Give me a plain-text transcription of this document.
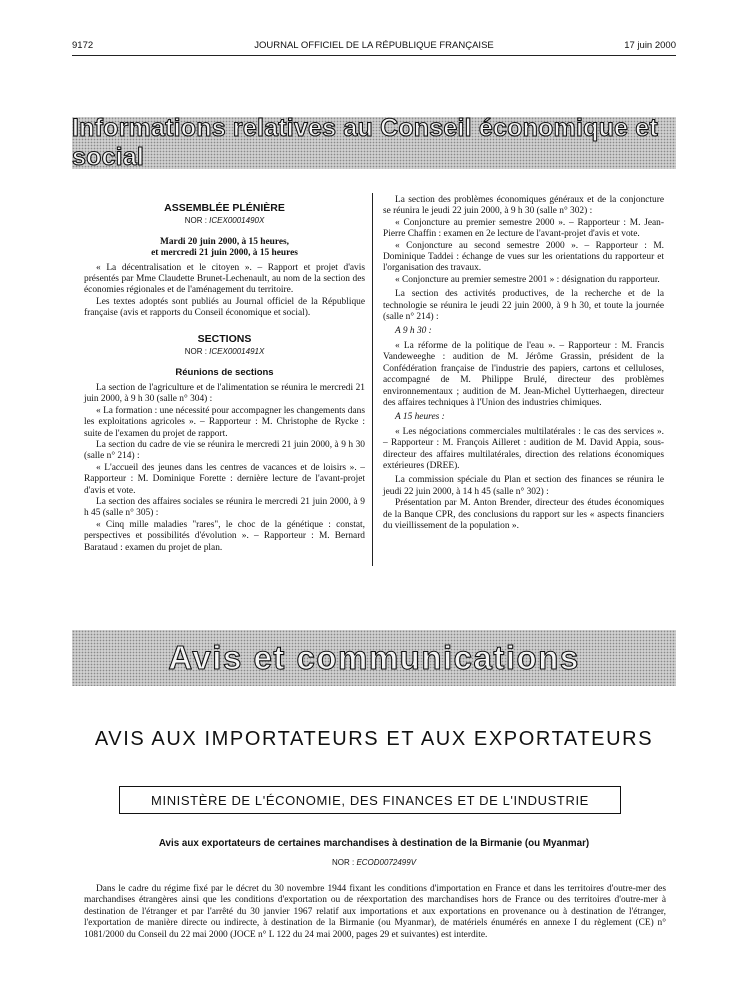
9172	JOURNAL OFFICIEL DE LA RÉPUBLIQUE FRANÇAISE	17 juin 2000
Informations relatives au Conseil économique et social
ASSEMBLÉE PLÉNIÈRE
NOR : ICEX0001490X

Mardi 20 juin 2000, à 15 heures,

et mercredi 21 juin 2000, à 15 heures

« La décentralisation et le citoyen ». – Rapport et projet d'avis présentés par Mme Claudette Brunet-Lechenault, au nom de la section des économies régionales et de l'aménagement du territoire.

Les textes adoptés sont publiés au Journal officiel de la République française (avis et rapports du Conseil économique et social).

SECTIONS
NOR : ICEX0001491X
Réunions de sections

La section de l'agriculture et de l'alimentation se réunira le mercredi 21 juin 2000, à 9 h 30 (salle n° 304) :

« La formation : une nécessité pour accompagner les changements dans les exploitations agricoles ». – Rapporteur : M. Christophe de Rycke : suite de l'examen du projet de rapport.

La section du cadre de vie se réunira le mercredi 21 juin 2000, à 9 h 30 (salle n° 214) :

« L'accueil des jeunes dans les centres de vacances et de loisirs ». – Rapporteur : M. Dominique Forette : dernière lecture de l'avant-projet d'avis et vote.

La section des affaires sociales se réunira le mercredi 21 juin 2000, à 9 h 45 (salle n° 305) :

« Cinq mille maladies "rares", le choc de la génétique : constat, perspectives et possibilités d'évolution ». – Rapporteur : M. Bernard Barataud : examen du projet de plan.

La section des problèmes économiques généraux et de la conjoncture se réunira le jeudi 22 juin 2000, à 9 h 30 (salle n° 302) :

« Conjoncture au premier semestre 2000 ». – Rapporteur : M. Jean-Pierre Chaffin : examen en 2e lecture de l'avant-projet d'avis et vote.

« Conjoncture au second semestre 2000 ». – Rapporteur : M. Dominique Taddei : échange de vues sur les orientations du rapporteur et l'organisation des travaux.

« Conjoncture au premier semestre 2001 » : désignation du rapporteur.

La section des activités productives, de la recherche et de la technologie se réunira le jeudi 22 juin 2000, à 9 h 30, et toute la journée (salle n° 214) :

A 9 h 30 :

« La réforme de la politique de l'eau ». – Rapporteur : M. Francis Vandeweeghe : audition de M. Jérôme Grassin, président de la Confédération française de l'industrie des papiers, cartons et celluloses, accompagné de M. Philippe Brulé, directeur des problèmes environnementaux ; audition de M. Jean-Michel Uytterhaegen, directeur des affaires techniques à l'Union des industries chimiques.

A 15 heures :

« Les négociations commerciales multilatérales : le cas des services ». – Rapporteur : M. François Ailleret : audition de M. David Appia, sous-directeur des affaires multilatérales, direction des relations économiques extérieures (DREE).

La commission spéciale du Plan et section des finances se réunira le jeudi 22 juin 2000, à 14 h 45 (salle n° 302) :

Présentation par M. Anton Brender, directeur des études économiques de la Banque CPR, des conclusions du rapport sur les « aspects financiers du vieillissement de la population ».

Avis et communications
AVIS AUX IMPORTATEURS ET AUX EXPORTATEURS
MINISTÈRE DE L'ÉCONOMIE, DES FINANCES ET DE L'INDUSTRIE
Avis aux exportateurs de certaines marchandises à destination de la Birmanie (ou Myanmar)
NOR : ECOD0072499V
Dans le cadre du régime fixé par le décret du 30 novembre 1944 fixant les conditions d'importation en France et dans les territoires d'outre-mer des marchandises étrangères ainsi que les conditions d'exportation ou de réexportation des marchandises hors de France ou des territoires d'outre-mer à destination de l'étranger et par l'arrêté du 30 janvier 1967 relatif aux importations et aux exportations en provenance ou à destination de l'étranger, l'exportation de manière directe ou indirecte, à destination de la Birmanie (ou Myanmar), de matériels énumérés en annexe I du règlement (CE) n° 1081/2000 du Conseil du 22 mai 2000 (JOCE n° L 122 du 24 mai 2000, pages 29 et suivantes) est interdite.
